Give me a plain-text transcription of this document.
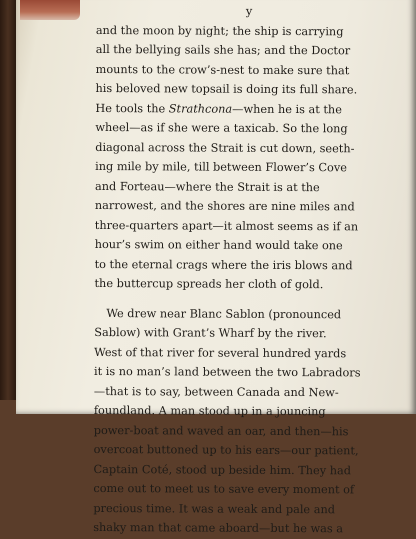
y
and the moon by night; the ship is carrying
all the bellying sails she has; and the Doctor
mounts to the crow’s-nest to make sure that
his beloved new topsail is doing its full share.
He tools the Strathcona—when he is at the
wheel—as if she were a taxicab. So the long
diagonal across the Strait is cut down, seeth-
ing mile by mile, till between Flower’s Cove
and Forteau—where the Strait is at the
narrowest, and the shores are nine miles and
three-quarters apart—it almost seems as if an
hour’s swim on either hand would take one
to the eternal crags where the iris blows and
the buttercup spreads her cloth of gold.
We drew near Blanc Sablon (pronounced
Sablow) with Grant’s Wharf by the river.
West of that river for several hundred yards
it is no man’s land between the two Labradors
—that is to say, between Canada and New-
foundland. A man stood up in a jouncing
power-boat and waved an oar, and then—his
overcoat buttoned up to his ears—our patient,
Captain Coté, stood up beside him. They had
come out to meet us to save every moment of
precious time. It was a weak and pale and
shaky man that came aboard—but he was a
